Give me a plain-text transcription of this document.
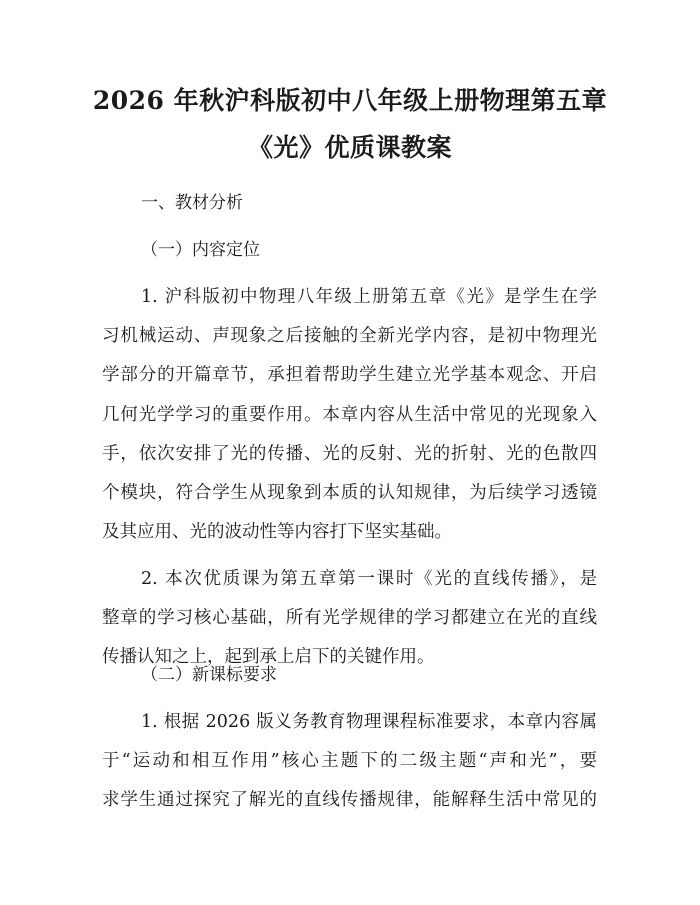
2026 年秋沪科版初中八年级上册物理第五章
《光》优质课教案
一、教材分析
（一）内容定位
1. 沪科版初中物理八年级上册第五章《光》是学生在学
习机械运动、声现象之后接触的全新光学内容，是初中物理光
学部分的开篇章节，承担着帮助学生建立光学基本观念、开启
几何光学学习的重要作用。本章内容从生活中常见的光现象入
手，依次安排了光的传播、光的反射、光的折射、光的色散四
个模块，符合学生从现象到本质的认知规律，为后续学习透镜
及其应用、光的波动性等内容打下坚实基础。
2. 本次优质课为第五章第一课时《光的直线传播》，是
整章的学习核心基础，所有光学规律的学习都建立在光的直线
传播认知之上，起到承上启下的关键作用。
（二）新课标要求
1. 根据 2026 版义务教育物理课程标准要求，本章内容属
于“运动和相互作用”核心主题下的二级主题“声和光”，要
求学生通过探究了解光的直线传播规律，能解释生活中常见的
